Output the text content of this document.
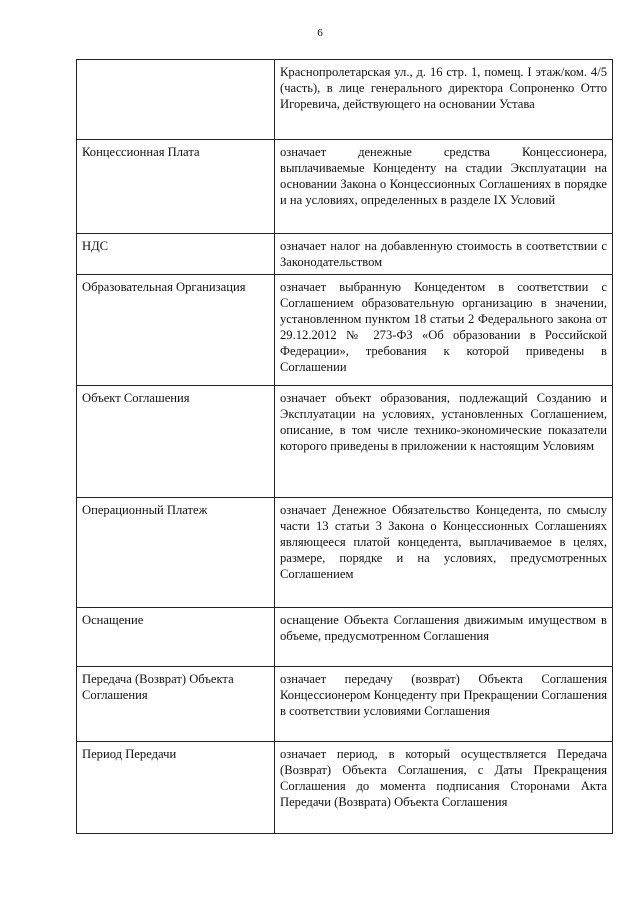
6
	Краснопролетарская ул., д. 16 стр. 1, помещ. I этаж/ком. 4/5 (часть), в лице генерального директора Сопроненко Отто Игоревича, действующего на основании Устава
Концессионная Плата	означает денежные средства Концессионера, выплачиваемые Концеденту на стадии Эксплуатации на основании Закона о Концессионных Соглашениях в порядке и на условиях, определенных в разделе IX Условий
НДС	означает налог на добавленную стоимость в соответствии с Законодательством
Образовательная Организация	означает выбранную Концедентом в соответствии с Соглашением образовательную организацию в значении, установленном пунктом 18 статьи 2 Федерального закона от 29.12.2012 № 273-ФЗ «Об образовании в Российской Федерации», требования к которой приведены в Соглашении
Объект Соглашения	означает объект образования, подлежащий Созданию и Эксплуатации на условиях, установленных Соглашением, описание, в том числе технико-экономические показатели которого приведены в приложении к настоящим Условиям
Операционный Платеж	означает Денежное Обязательство Концедента, по смыслу части 13 статьи 3 Закона о Концессионных Соглашениях являющееся платой концедента, выплачиваемое в целях, размере, порядке и на условиях, предусмотренных Соглашением
Оснащение	оснащение Объекта Соглашения движимым имуществом в объеме, предусмотренном Соглашения
Передача (Возврат) Объекта Соглашения	означает передачу (возврат) Объекта Соглашения Концессионером Концеденту при Прекращении Соглашения в соответствии условиями Соглашения
Период Передачи	означает период, в который осуществляется Передача (Возврат) Объекта Соглашения, с Даты Прекращения Соглашения до момента подписания Сторонами Акта Передачи (Возврата) Объекта Соглашения
